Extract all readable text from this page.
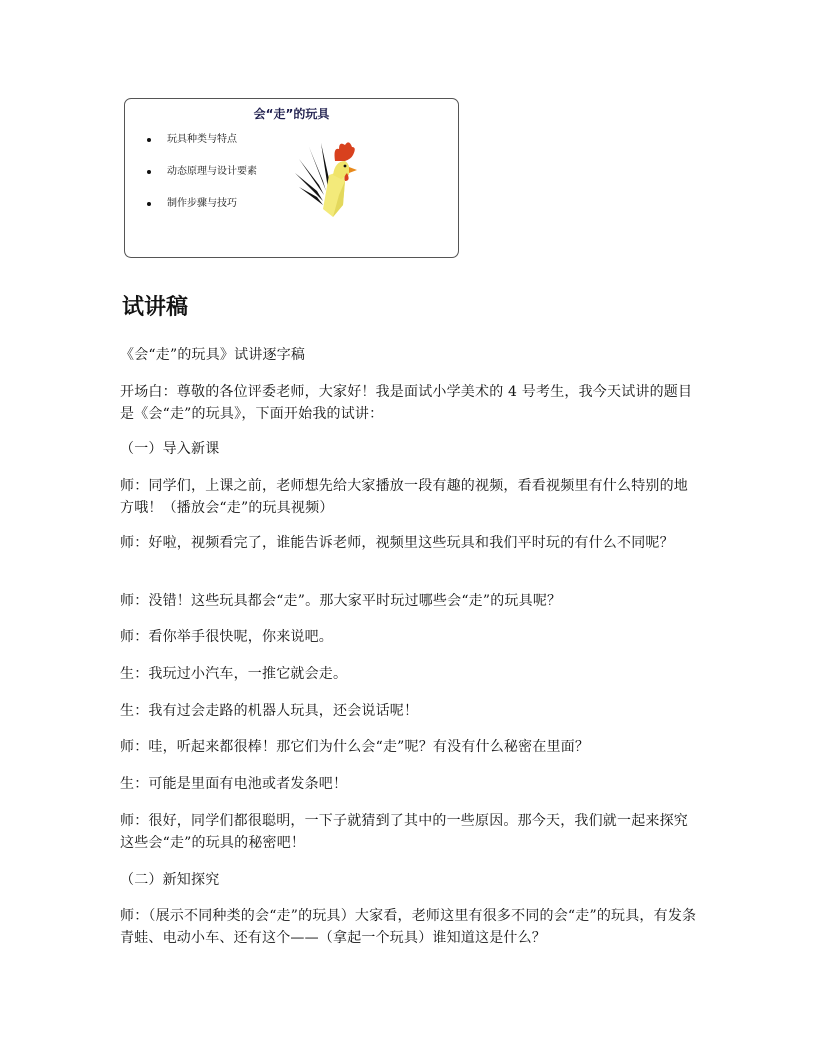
会“走”的玩具
玩具种类与特点
动态原理与设计要素
制作步骤与技巧
试讲稿

《会“走”的玩具》试讲逐字稿

开场白：尊敬的各位评委老师，大家好！我是面试小学美术的 4 号考生，我今天试讲的题目是《会“走”的玩具》，下面开始我的试讲：

（一）导入新课

师：同学们，上课之前，老师想先给大家播放一段有趣的视频，看看视频里有什么特别的地方哦！（播放会“走”的玩具视频）

师：好啦，视频看完了，谁能告诉老师，视频里这些玩具和我们平时玩的有什么不同呢？

师：没错！这些玩具都会“走”。那大家平时玩过哪些会“走”的玩具呢？

师：看你举手很快呢，你来说吧。

生：我玩过小汽车，一推它就会走。

生：我有过会走路的机器人玩具，还会说话呢！

师：哇，听起来都很棒！那它们为什么会“走”呢？有没有什么秘密在里面？

生：可能是里面有电池或者发条吧！

师：很好，同学们都很聪明，一下子就猜到了其中的一些原因。那今天，我们就一起来探究这些会“走”的玩具的秘密吧！

（二）新知探究

师：（展示不同种类的会“走”的玩具）大家看，老师这里有很多不同的会“走”的玩具，有发条青蛙、电动小车、还有这个——（拿起一个玩具）谁知道这是什么？
